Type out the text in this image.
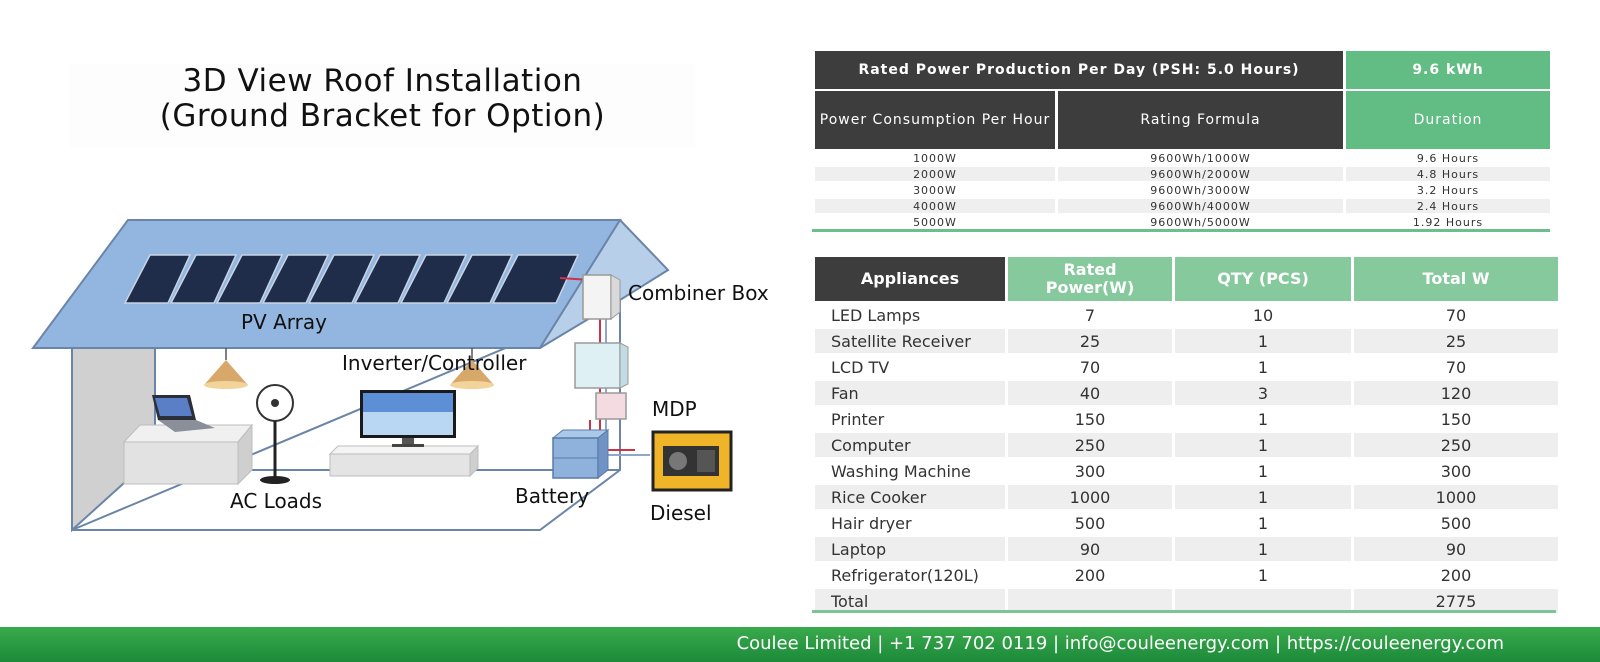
3D View Roof Installation
(Ground Bracket for Option)
PV Array
Combiner Box
Inverter/Controller
MDP
AC Loads	Battery
Diesel
Rated Power Production Per Day (PSH: 5.0 Hours)		9.6 kWh
Power Consumption Per Hour	Rating Formula	Duration
1000W	9600Wh/1000W	9.6 Hours
2000W	9600Wh/2000W	4.8 Hours
3000W	9600Wh/3000W	3.2 Hours
4000W	9600Wh/4000W	2.4 Hours
5000W	9600Wh/5000W	1.92 Hours
Appliances	Rated Power(W)	QTY (PCS)	Total W
LED Lamps	7	10	70
Satellite Receiver	25	1	25
LCD TV	70	1	70
Fan	40	3	120
Printer	150	1	150
Computer	250	1	250
Washing Machine	300	1	300
Rice Cooker	1000	1	1000
Hair dryer	500	1	500
Laptop	90	1	90
Refrigerator(120L)	200	1	200
Total			2775
Coulee Limited | +1 737 702 0119 | info@couleenergy.com | https://couleenergy.com
